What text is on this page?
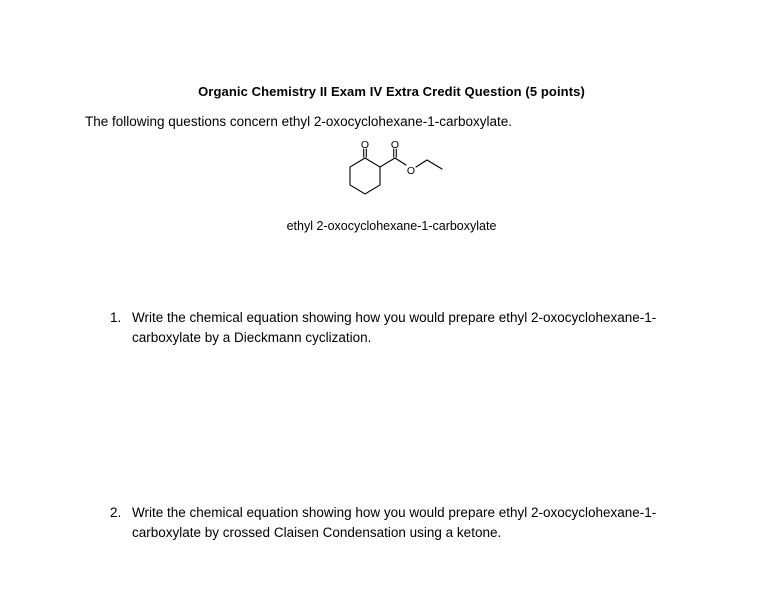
Organic Chemistry II Exam IV Extra Credit Question (5 points)
The following questions concern ethyl 2-oxocyclohexane-1-carboxylate.
O O
O
ethyl 2-oxocyclohexane-1-carboxylate
1. Write the chemical equation showing how you would prepare ethyl 2-oxocyclohexane-1-carboxylate by a Dieckmann cyclization.
2. Write the chemical equation showing how you would prepare ethyl 2-oxocyclohexane-1-carboxylate by crossed Claisen Condensation using a ketone.
